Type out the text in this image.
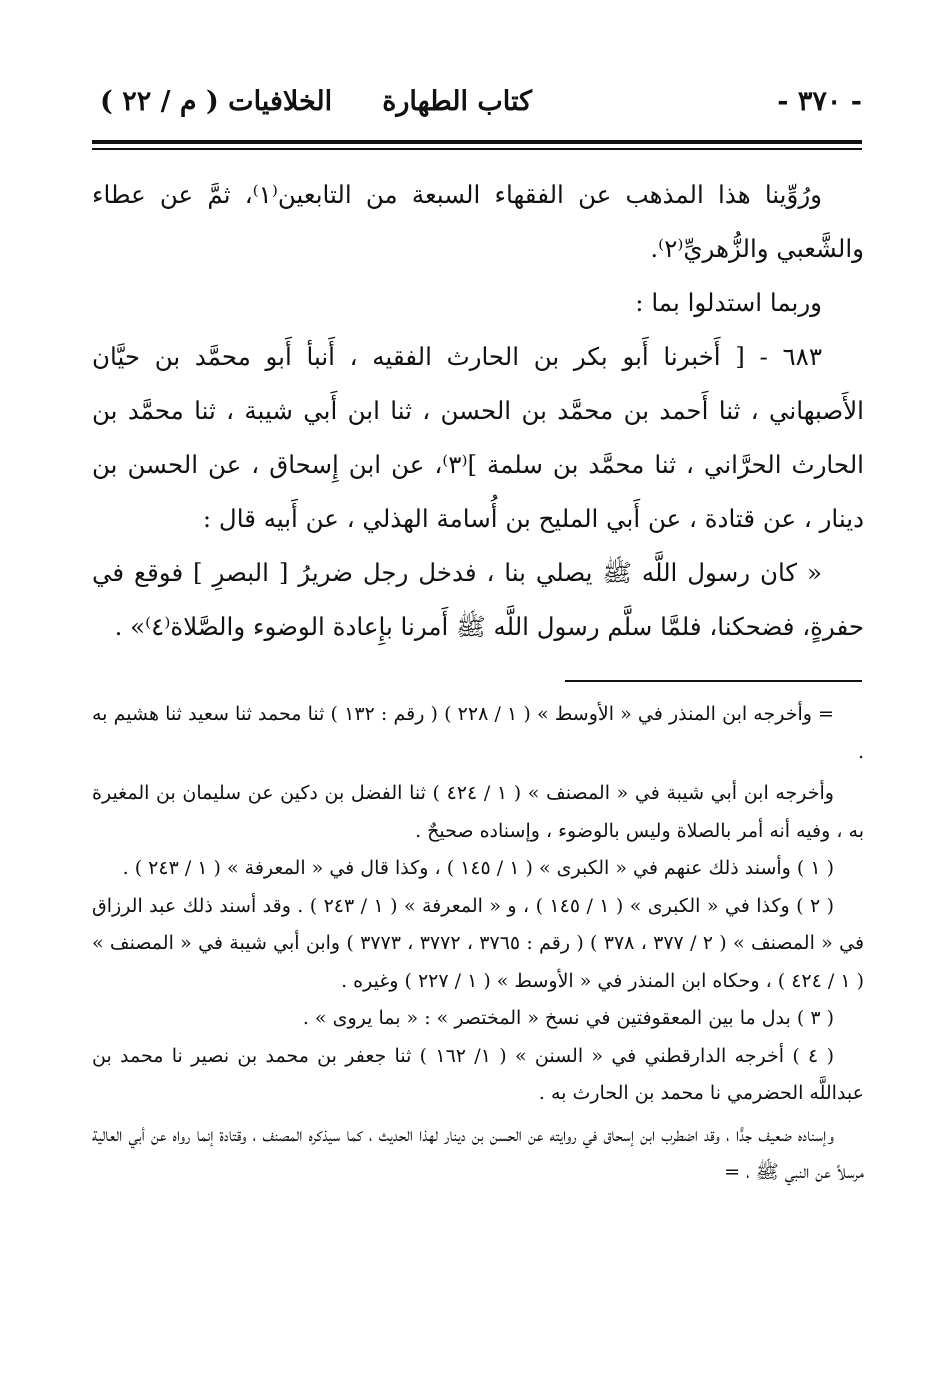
- ٣٧٠ -
كتاب الطهارة
الخلافيات ( م / ٢٢ )

ورُوِّينا هذا المذهب عن الفقهاء السبعة من التابعين⁽١⁾، ثمَّ عن عطاء والشَّعبي والزُّهريِّ⁽٢⁾.

وربما استدلوا بما :

٦٨٣ - [ أَخبرنا أَبو بكر بن الحارث الفقيه ، أَنبأ أَبو محمَّد بن حيَّان الأَصبهاني ، ثنا أَحمد بن محمَّد بن الحسن ، ثنا ابن أَبي شيبة ، ثنا محمَّد بن الحارث الحرَّاني ، ثنا محمَّد بن سلمة ]⁽٣⁾، عن ابن إِسحاق ، عن الحسن بن دينار ، عن قتادة ، عن أَبي المليح بن أُسامة الهذلي ، عن أَبيه قال :

« كان رسول اللَّه ﷺ يصلي بنا ، فدخل رجل ضريرُ [ البصرِ ] فوقع في حفرةٍ، فضحكنا، فلمَّا سلَّم رسول اللَّه ﷺ أَمرنا بإِعادة الوضوء والصَّلاة⁽٤⁾» .

= وأخرجه ابن المنذر في « الأوسط » ( ١ / ٢٢٨ ) ( رقم : ١٣٢ ) ثنا محمد ثنا سعيد ثنا هشيم به .

وأخرجه ابن أبي شيبة في « المصنف » ( ١ / ٤٢٤ ) ثنا الفضل بن دكين عن سليمان بن المغيرة به ، وفيه أنه أمر بالصلاة وليس بالوضوء ، وإسناده صحيحٌ .

( ١ ) وأسند ذلك عنهم في « الكبرى » ( ١ / ١٤٥ ) ، وكذا قال في « المعرفة » ( ١ / ٢٤٣ ) .

( ٢ ) وكذا في « الكبرى » ( ١ / ١٤٥ ) ، و « المعرفة » ( ١ / ٢٤٣ ) . وقد أسند ذلك عبد الرزاق في « المصنف » ( ٢ / ٣٧٧ ، ٣٧٨ ) ( رقم : ٣٧٦٥ ، ٣٧٧٢ ، ٣٧٧٣ ) وابن أبي شيبة في « المصنف » ( ١ / ٤٢٤ ) ، وحكاه ابن المنذر في « الأوسط » ( ١ / ٢٢٧ ) وغيره .

( ٣ ) بدل ما بين المعقوفتين في نسخ « المختصر » : « بما يروى » .

( ٤ ) أخرجه الدارقطني في « السنن » ( ١/ ١٦٢ ) ثنا جعفر بن محمد بن نصير نا محمد بن عبداللَّه الحضرمي نا محمد بن الحارث به .

وإسناده ضعيف جدًّا ، وقد اضطرب ابن إسحاق في روايته عن الحسن بن دينار لهذا الحديث ، كما سيذكره المصنف ، وقتادة إنما رواه عن أبي العالية مرسلاً عن النبي ﷺ ، =
